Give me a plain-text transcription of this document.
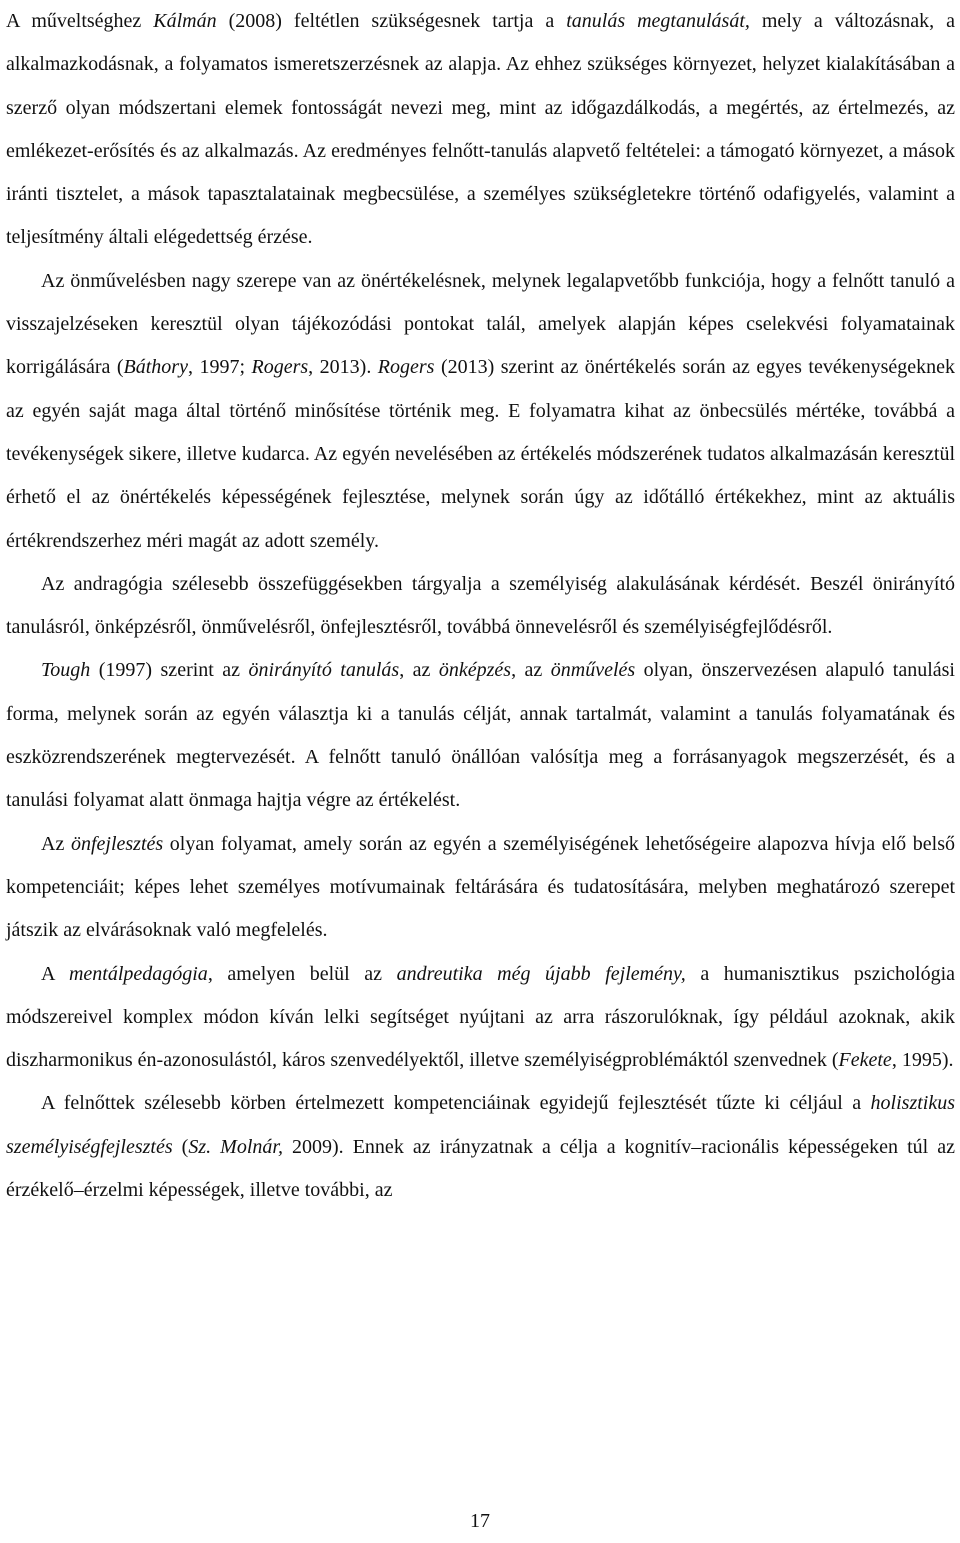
A műveltséghez Kálmán (2008) feltétlen szükségesnek tartja a tanulás megtanulását, mely a változásnak, a alkalmazkodásnak, a folyamatos ismeretszerzésnek az alapja. Az ehhez szükséges környezet, helyzet kialakításában a szerző olyan módszertani elemek fontosságát nevezi meg, mint az időgazdálkodás, a megértés, az értelmezés, az emlékezet-erősítés és az alkalmazás. Az eredményes felnőtt-tanulás alapvető feltételei: a támogató környezet, a mások iránti tisztelet, a mások tapasztalatainak megbecsülése, a személyes szükségletekre történő odafigyelés, valamint a teljesítmény általi elégedettség érzése.

Az önművelésben nagy szerepe van az önértékelésnek, melynek legalapvetőbb funkciója, hogy a felnőtt tanuló a visszajelzéseken keresztül olyan tájékozódási pontokat talál, amelyek alapján képes cselekvési folyamatainak korrigálására (Báthory, 1997; Rogers, 2013). Rogers (2013) szerint az önértékelés során az egyes tevékenységeknek az egyén saját maga által történő minősítése történik meg. E folyamatra kihat az önbecsülés mértéke, továbbá a tevékenységek sikere, illetve kudarca. Az egyén nevelésében az értékelés módszerének tudatos alkalmazásán keresztül érhető el az önértékelés képességének fejlesztése, melynek során úgy az időtálló értékekhez, mint az aktuális értékrendszerhez méri magát az adott személy.

Az andragógia szélesebb összefüggésekben tárgyalja a személyiség alakulásának kérdését. Beszél önirányító tanulásról, önképzésről, önművelésről, önfejlesztésről, továbbá önnevelésről és személyiségfejlődésről.

Tough (1997) szerint az önirányító tanulás, az önképzés, az önművelés olyan, önszervezésen alapuló tanulási forma, melynek során az egyén választja ki a tanulás célját, annak tartalmát, valamint a tanulás folyamatának és eszközrendszerének megtervezését. A felnőtt tanuló önállóan valósítja meg a forrásanyagok megszerzését, és a tanulási folyamat alatt önmaga hajtja végre az értékelést.

Az önfejlesztés olyan folyamat, amely során az egyén a személyiségének lehetőségeire alapozva hívja elő belső kompetenciáit; képes lehet személyes motívumainak feltárására és tudatosítására, melyben meghatározó szerepet játszik az elvárásoknak való megfelelés.

A mentálpedagógia, amelyen belül az andreutika még újabb fejlemény, a humanisztikus pszichológia módszereivel komplex módon kíván lelki segítséget nyújtani az arra rászorulóknak, így például azoknak, akik diszharmonikus én-azonosulástól, káros szenvedélyektől, illetve személyiségproblémáktól szenvednek (Fekete, 1995).

A felnőttek szélesebb körben értelmezett kompetenciáinak egyidejű fejlesztését tűzte ki céljául a holisztikus személyiségfejlesztés (Sz. Molnár, 2009). Ennek az irányzatnak a célja a kognitív–racionális képességeken túl az érzékelő–érzelmi képességek, illetve további, az

17
